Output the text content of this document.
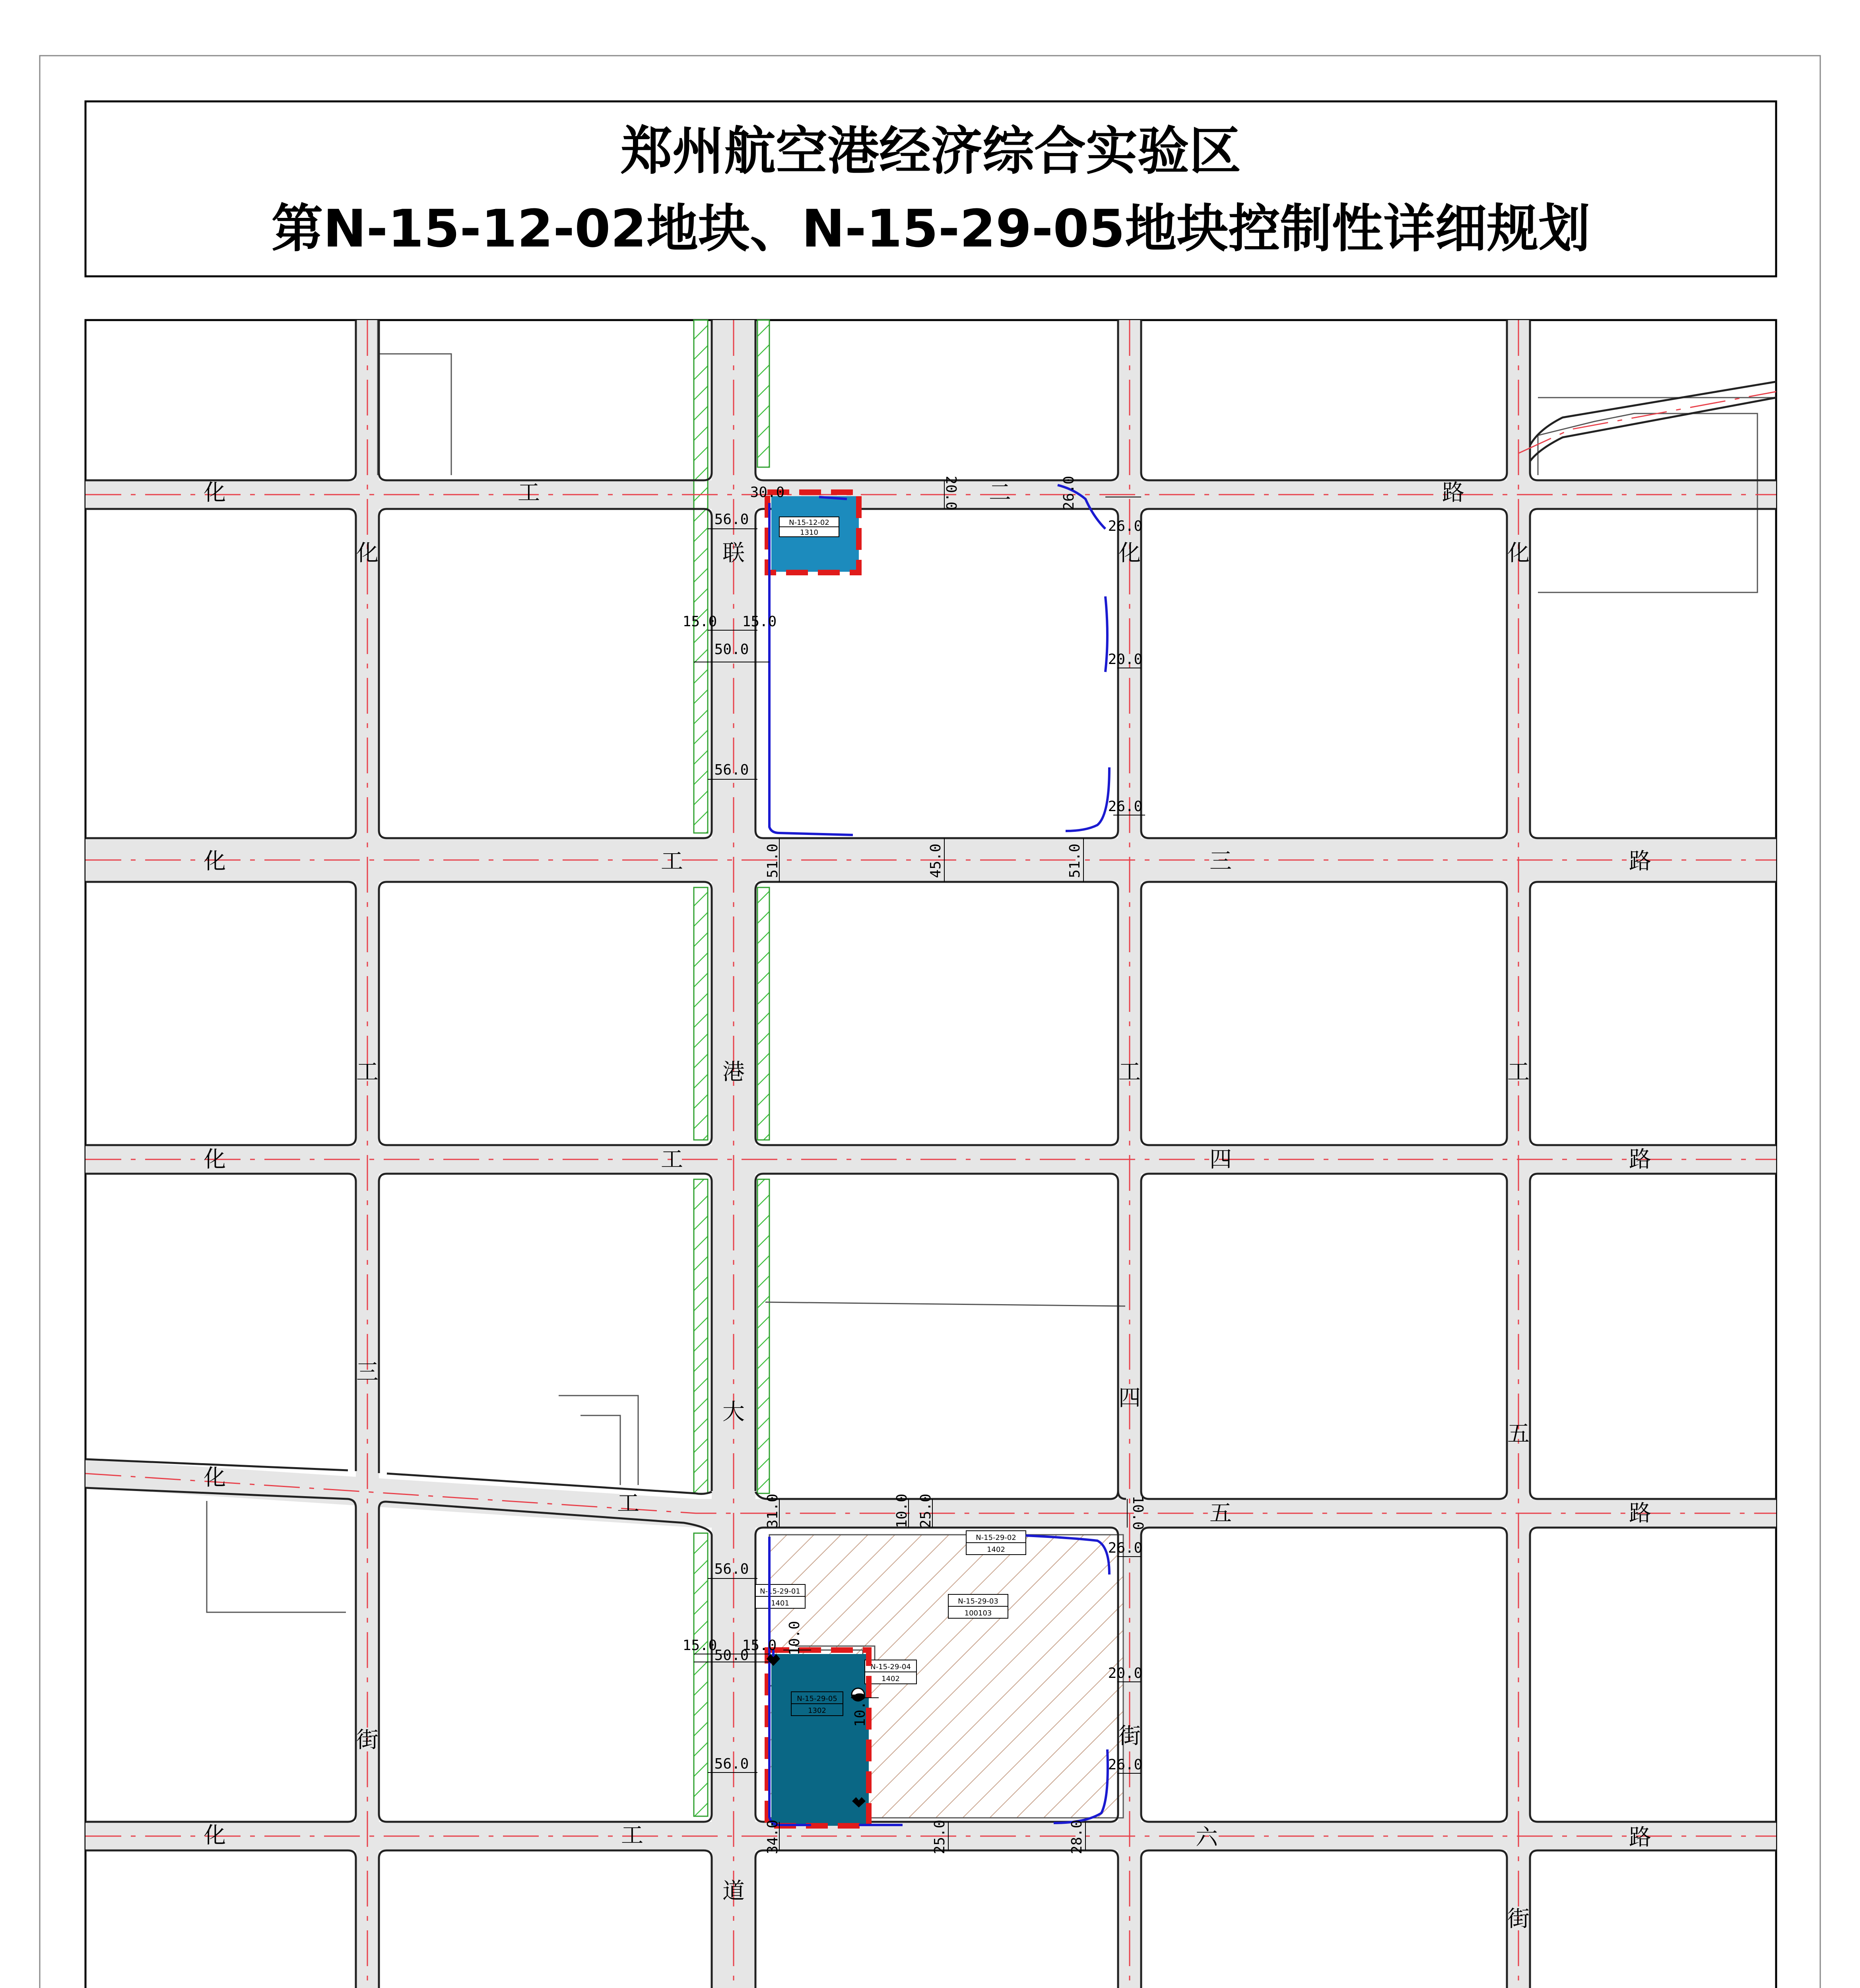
郑州航空港经济综合实验区
第N-15-12-02地块、N-15-29-05地块控制性详细规划
N-15-12-02
1310
N-15-29-05
1302
N-15-29-02
1402
N-15-29-03
100103
N-15-29-01
1401
N-15-29-04
1402
56.0
15.0
50.0
15.0
56.0
30.0	20.0	26.0
26.0
20.0
26.0
51.0	45.0	51.0
31.0	10.0 25.0	10.0
26.0
56.0
15.0
50.0
15.0
20.0
26.0
56.0
34.0	25.0	28.0
10.0
10.0
化	工	二	路
化	工	三	路
化	工	四	路
化
工	五	路
化	工	六	路
化
工
三
街
联
港
大
道
化
工
四
街
化
工
五
街
